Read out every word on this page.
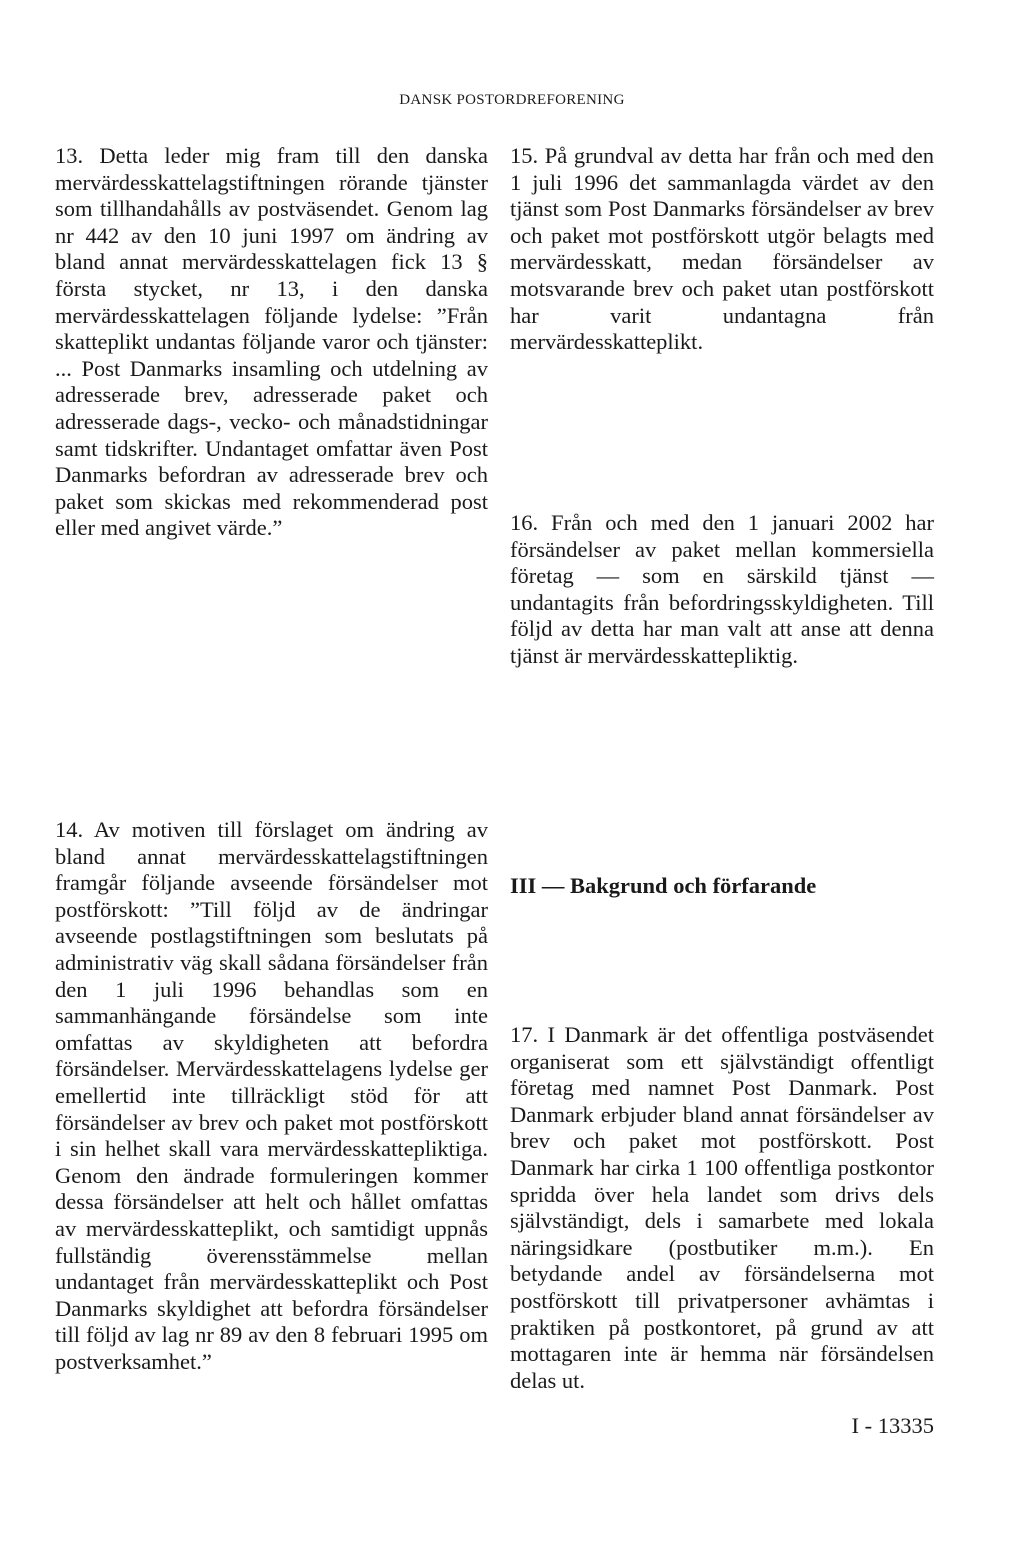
DANSK POSTORDREFORENING

13. Detta leder mig fram till den danska mervärdesskattelagstiftningen rörande tjänster som tillhandahålls av postväsendet. Genom lag nr 442 av den 10 juni 1997 om ändring av bland annat mervärdesskattelagen fick 13 § första stycket, nr 13, i den danska mervärdesskattelagen följande lydelse: ”Från skatteplikt undantas följande varor och tjänster: ... Post Danmarks insamling och utdelning av adresserade brev, adresserade paket och adresserade dags-, vecko- och månadstidningar samt tidskrifter. Undantaget omfattar även Post Danmarks befordran av adresserade brev och paket som skickas med rekommenderad post eller med angivet värde.”

15. På grundval av detta har från och med den 1 juli 1996 det sammanlagda värdet av den tjänst som Post Danmarks försändelser av brev och paket mot postförskott utgör belagts med mervärdesskatt, medan försändelser av motsvarande brev och paket utan postförskott har varit undantagna från mervärdesskatteplikt.

16. Från och med den 1 januari 2002 har försändelser av paket mellan kommersiella företag — som en särskild tjänst — undantagits från befordringsskyldigheten. Till följd av detta har man valt att anse att denna tjänst är mervärdesskattepliktig.

14. Av motiven till förslaget om ändring av bland annat mervärdesskattelagstiftningen framgår följande avseende försändelser mot postförskott: ”Till följd av de ändringar avseende postlagstiftningen som beslutats på administrativ väg skall sådana försändelser från den 1 juli 1996 behandlas som en sammanhängande försändelse som inte omfattas av skyldigheten att befordra försändelser. Mervärdesskattelagens lydelse ger emellertid inte tillräckligt stöd för att försändelser av brev och paket mot postförskott i sin helhet skall vara mervärdesskattepliktiga. Genom den ändrade formuleringen kommer dessa försändelser att helt och hållet omfattas av mervärdesskatteplikt, och samtidigt uppnås fullständig överensstämmelse mellan undantaget från mervärdesskatteplikt och Post Danmarks skyldighet att befordra försändelser till följd av lag nr 89 av den 8 februari 1995 om postverksamhet.”

III — Bakgrund och förfarande

17. I Danmark är det offentliga postväsendet organiserat som ett självständigt offentligt företag med namnet Post Danmark. Post Danmark erbjuder bland annat försändelser av brev och paket mot postförskott. Post Danmark har cirka 1 100 offentliga postkontor spridda över hela landet som drivs dels självständigt, dels i samarbete med lokala näringsidkare (postbutiker m.m.). En betydande andel av försändelserna mot postförskott till privatpersoner avhämtas i praktiken på postkontoret, på grund av att mottagaren inte är hemma när försändelsen delas ut.

I - 13335
